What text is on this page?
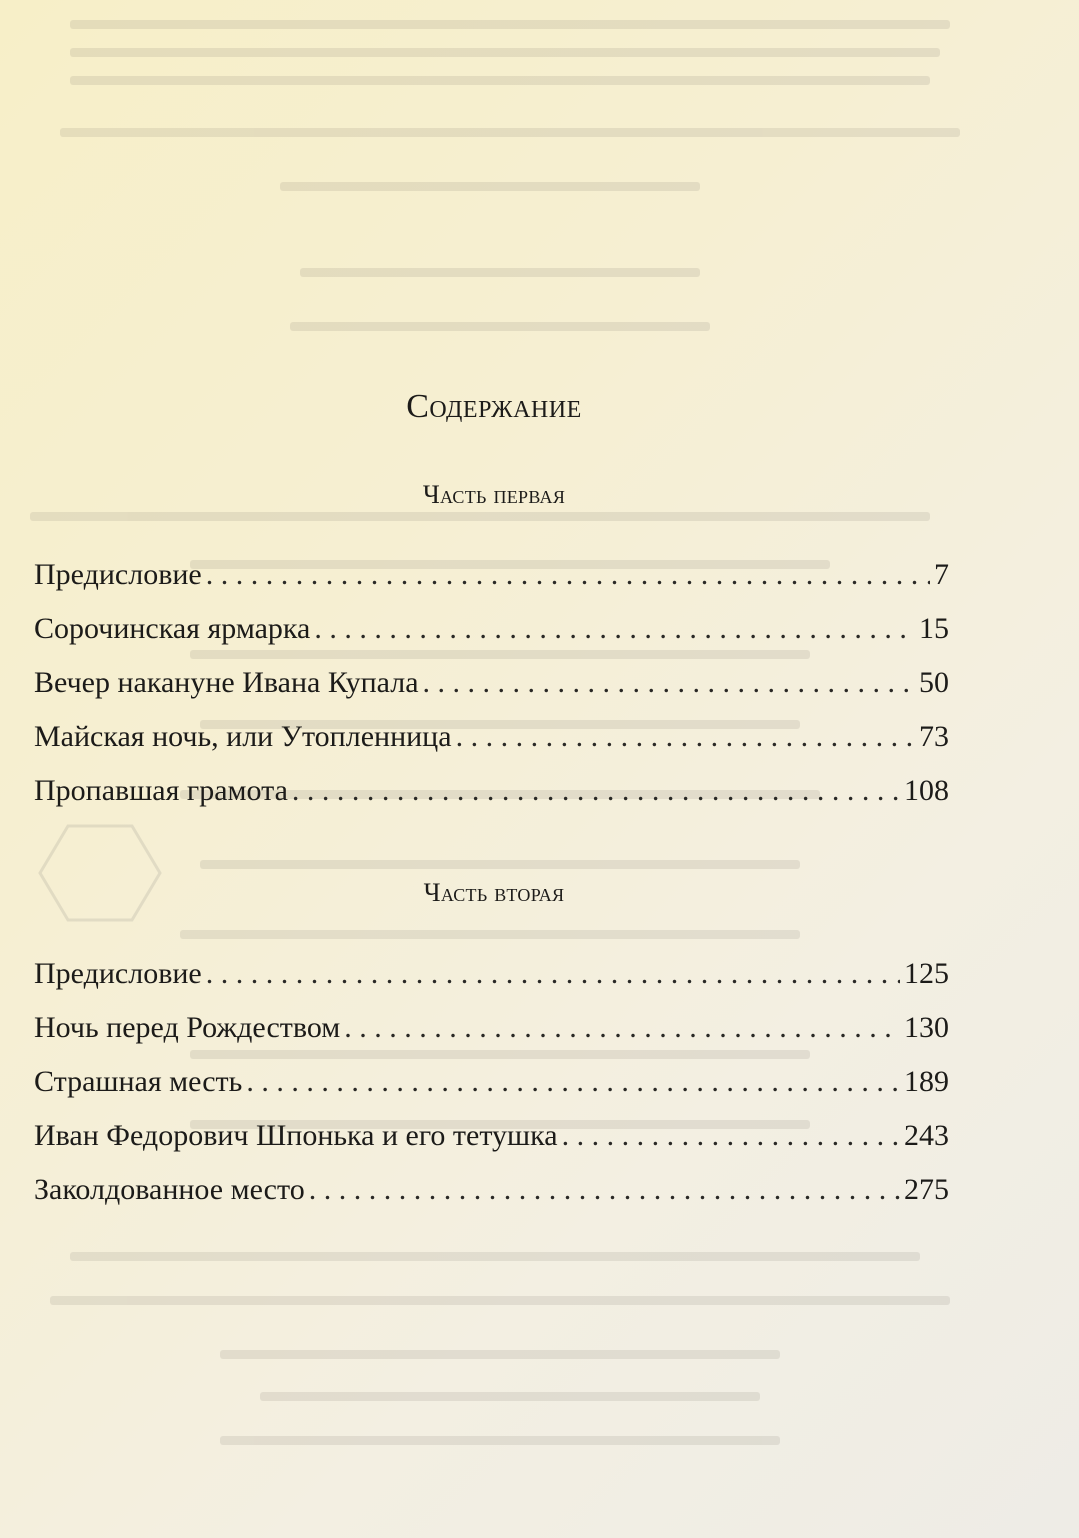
Содержание
Часть первая
Предисловие . . .	7
Сорочинская ярмарка . . .	15
Вечер накануне Ивана Купала . . .	50
Майская ночь, или Утопленница . . .	73
Пропавшая грамота . . .	108
Часть вторая
Предисловие . . .	125
Ночь перед Рождеством . . .	130
Страшная месть . . .	189
Иван Федорович Шпонька и его тетушка . . .	243
Заколдованное место . . .	275
